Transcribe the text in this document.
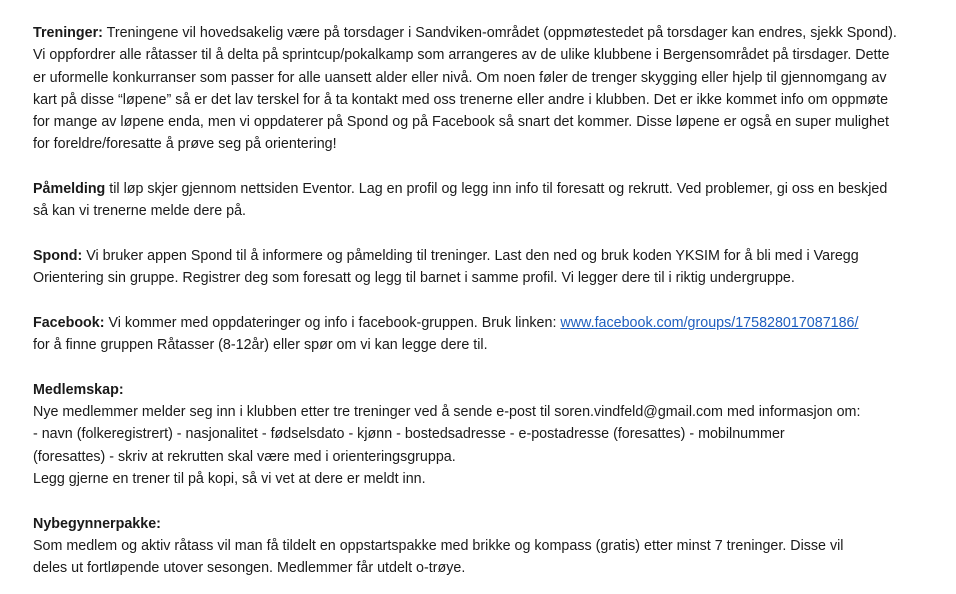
Treninger: Treningene vil hovedsakelig være på torsdager i Sandviken-området (oppmøtestedet på torsdager kan endres, sjekk Spond).
Vi oppfordrer alle råtasser til å delta på sprintcup/pokalkamp som arrangeres av de ulike klubbene i Bergensområdet på tirsdager. Dette
er uformelle konkurranser som passer for alle uansett alder eller nivå. Om noen føler de trenger skygging eller hjelp til gjennomgang av
kart på disse “løpene” så er det lav terskel for å ta kontakt med oss trenerne eller andre i klubben. Det er ikke kommet info om oppmøte
for mange av løpene enda, men vi oppdaterer på Spond og på Facebook så snart det kommer. Disse løpene er også en super mulighet
for foreldre/foresatte å prøve seg på orientering!
Påmelding til løp skjer gjennom nettsiden Eventor. Lag en profil og legg inn info til foresatt og rekrutt. Ved problemer, gi oss en beskjed
så kan vi trenerne melde dere på.
Spond: Vi bruker appen Spond til å informere og påmelding til treninger. Last den ned og bruk koden YKSIM for å bli med i Varegg
Orientering sin gruppe. Registrer deg som foresatt og legg til barnet i samme profil. Vi legger dere til i riktig undergruppe.
Facebook: Vi kommer med oppdateringer og info i facebook-gruppen. Bruk linken: www.facebook.com/groups/175828017087186/
for å finne gruppen Råtasser (8-12år) eller spør om vi kan legge dere til.
Medlemskap:
Nye medlemmer melder seg inn i klubben etter tre treninger ved å sende e-post til soren.vindfeld@gmail.com med informasjon om:
- navn (folkeregistrert) - nasjonalitet - fødselsdato - kjønn - bostedsadresse - e-postadresse (foresattes) - mobilnummer
(foresattes) - skriv at rekrutten skal være med i orienteringsgruppa.
Legg gjerne en trener til på kopi, så vi vet at dere er meldt inn.
Nybegynnerpakke:
Som medlem og aktiv råtass vil man få tildelt en oppstartspakke med brikke og kompass (gratis) etter minst 7 treninger. Disse vil
deles ut fortløpende utover sesongen. Medlemmer får utdelt o-trøye.
